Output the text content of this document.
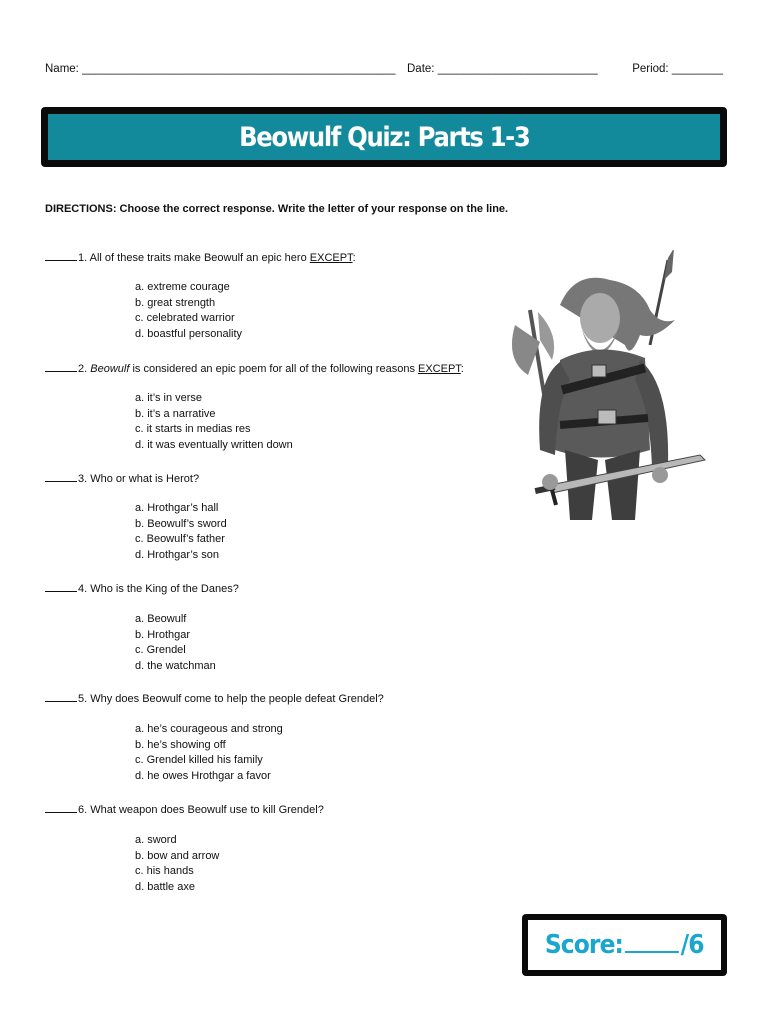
Name: _________________________________________________ Date: _________________________	Period: ________
Beowulf Quiz: Parts 1-3
DIRECTIONS: Choose the correct response. Write the letter of your response on the line.
1. All of these traits make Beowulf an epic hero EXCEPT:
a. extreme courage
b. great strength
c. celebrated warrior
d. boastful personality
2. Beowulf is considered an epic poem for all of the following reasons EXCEPT:
a. it’s in verse
b. it’s a narrative
c. it starts in medias res
d. it was eventually written down
3. Who or what is Herot?
a. Hrothgar’s hall
b. Beowulf’s sword
c. Beowulf’s father
d. Hrothgar’s son
4. Who is the King of the Danes?
a. Beowulf
b. Hrothgar
c. Grendel
d. the watchman
5. Why does Beowulf come to help the people defeat Grendel?
a. he’s courageous and strong
b. he’s showing off
c. Grendel killed his family
d. he owes Hrothgar a favor
6. What weapon does Beowulf use to kill Grendel?
a. sword
b. bow and arrow
c. his hands
d. battle axe
Score: /6
